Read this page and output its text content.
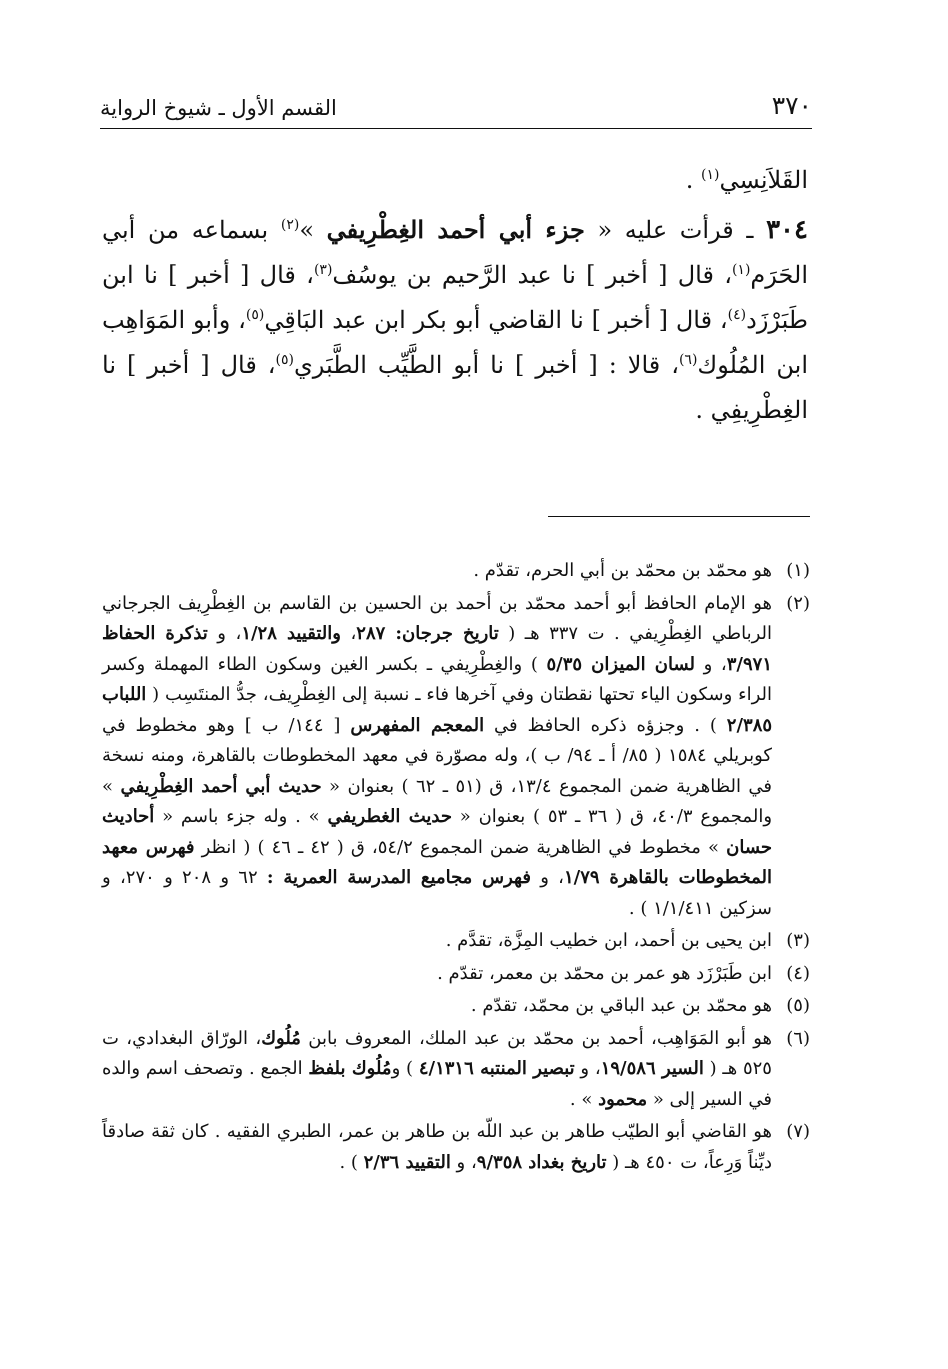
٣٧٠
القسم الأول ـ شيوخ الرواية

القَلاَنِسِي$^{(١)}$ .

٣٠٤ ـ قرأت عليه « جزء أبي أحمد الغِطْرِيفي »$^{(٢)}$ بسماعه من أبي الحَرَم$^{(١)}$، قال [ أخبر ] نا عبد الرَّحيم بن يوسُف$^{(٣)}$، قال [ أخبر ] نا ابن طَبَرْزَد$^{(٤)}$، قال [ أخبر ] نا القاضي أبو بكر ابن عبد البَاقِي$^{(٥)}$، وأبو المَوَاهِب ابن المُلُوك$^{(٦)}$، قالا : [ أخبر ] نا أبو الطَّيِّب الطَّبَري$^{(٥)}$، قال [ أخبر ] نا الغِطْرِيفِي .

(١)
هو محمّد بن محمّد بن أبي الحرم، تقدّم .
(٢)
هو الإمام الحافظ أبو أحمد محمّد بن أحمد بن الحسين بن القاسم بن الغِطْرِيف الجرجاني الرباطي الغِطْرِيفي . ت ٣٣٧ هـ ( تاريخ جرجان: ٢٨٧، والتقييد ١/٢٨، و تذكرة الحفاظ ٣/٩٧١، و لسان الميزان ٥/٣٥ ) والغِطْرِيفي ـ بكسر الغين وسكون الطاء المهملة وكسر الراء وسكون الياء تحتها نقطتان وفي آخرها فاء ـ نسبة إلى الغِطْرِيف، جدُّ المنتَسِب ( اللباب ٢/٣٨٥ ) . وجزؤه ذكره الحافظ في المعجم المفهرس [ ١٤٤/ ب ] وهو مخطوط في كوبريلي ١٥٨٤ ( ٨٥/ أ ـ ٩٤/ ب )، وله مصوّرة في معهد المخطوطات بالقاهرة، ومنه نسخة في الظاهرية ضمن المجموع ١٣/٤، ق (٥١ ـ ٦٢ ) بعنوان « حديث أبي أحمد الغِطْرِيفي » والمجموع ٤٠/٣، ق ( ٣٦ ـ ٥٣ ) بعنوان « حديث الغطريفي » . وله جزء باسم « أحاديث حسان » مخطوط في الظاهرية ضمن المجموع ٥٤/٢، ق ( ٤٢ ـ ٤٦ ) ( انظر فهرس معهد المخطوطات بالقاهرة ١/٧٩، و فهرس مجاميع المدرسة العمرية : ٦٢ و ٢٠٨ و ٢٧٠، و سزكين ١/١/٤١١ ) .
(٣)
ابن يحيى بن أحمد، ابن خطيب المِزَّة، تقدَّم .
(٤)
ابن طَبَرْزَد هو عمر بن محمّد بن معمر، تقدّم .
(٥)
هو محمّد بن عبد الباقي بن محمّد، تقدّم .
(٦)
هو أبو المَوَاهِب، أحمد بن محمّد بن عبد الملك، المعروف بابن مُلُوك، الورّاق البغدادي، ت ٥٢٥ هـ ( السير ١٩/٥٨٦، و تبصير المنتبه ٤/١٣١٦ ) ومُلُوك بلفظ الجمع . وتصحف اسم والده في السير إلى « محمود » .
(٧)
هو القاضي أبو الطيّب طاهر بن عبد اللّه بن طاهر بن عمر، الطبري الفقيه . كان ثقة صادقاً ديِّناً وَرِعاً، ت ٤٥٠ هـ ( تاريخ بغداد ٩/٣٥٨، و التقييد ٢/٣٦ ) .
